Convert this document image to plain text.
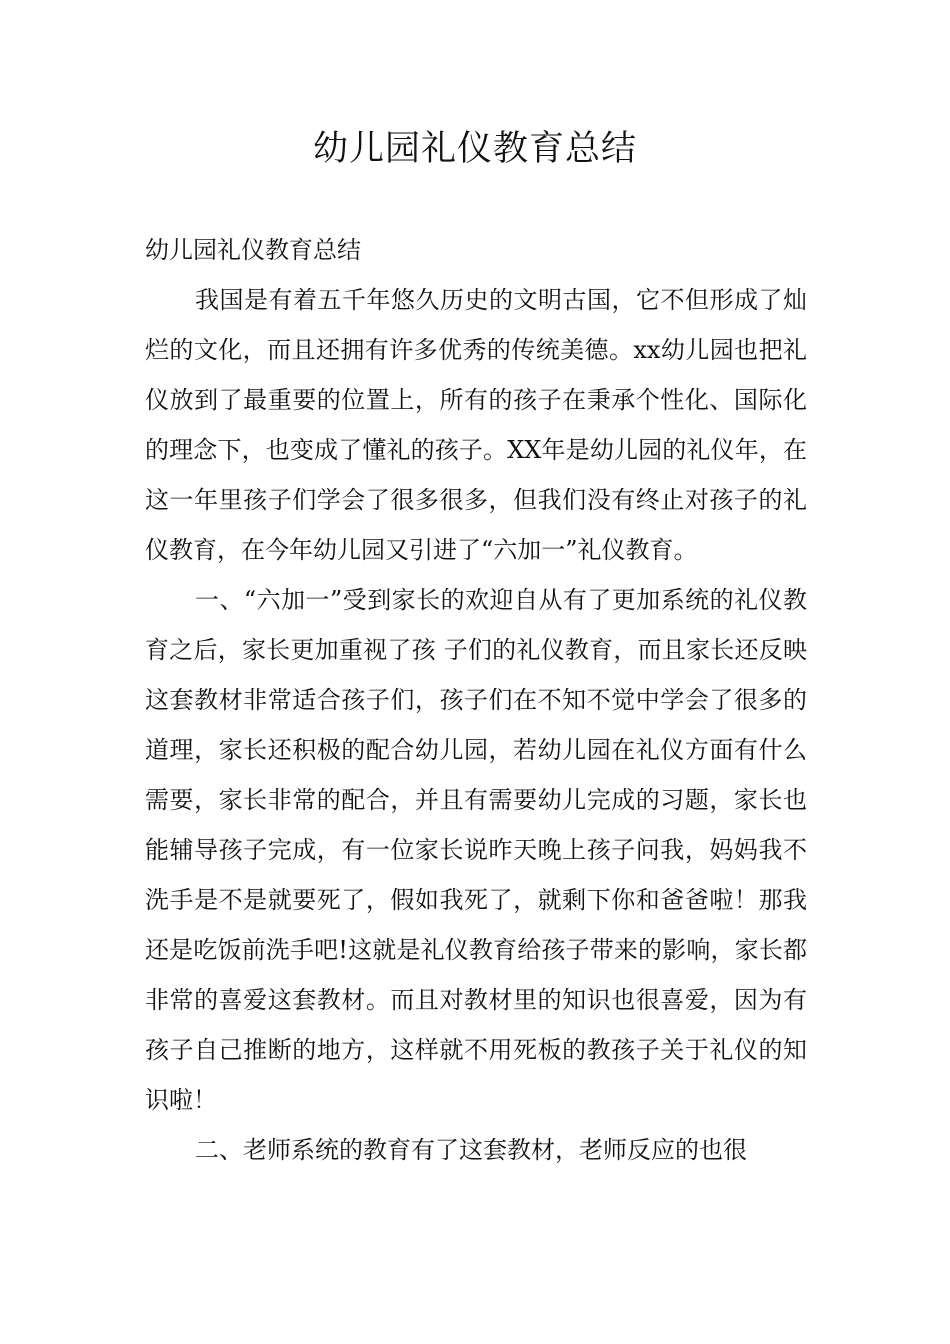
幼儿园礼仪教育总结

幼儿园礼仪教育总结

我国是有着五千年悠久历史的文明古国，它不但形成了灿烂的文化，而且还拥有许多优秀的传统美德。xx幼儿园也把礼仪放到了最重要的位置上，所有的孩子在秉承个性化、国际化的理念下，也变成了懂礼的孩子。XX年是幼儿园的礼仪年，在这一年里孩子们学会了很多很多，但我们没有终止对孩子的礼仪教育，在今年幼儿园又引进了“六加一”礼仪教育。

一、“六加一”受到家长的欢迎自从有了更加系统的礼仪教育之后，家长更加重视了孩 子们的礼仪教育，而且家长还反映这套教材非常适合孩子们，孩子们在不知不觉中学会了很多的道理，家长还积极的配合幼儿园，若幼儿园在礼仪方面有什么需要，家长非常的配合，并且有需要幼儿完成的习题，家长也能辅导孩子完成，有一位家长说昨天晚上孩子问我，妈妈我不洗手是不是就要死了，假如我死了，就剩下你和爸爸啦！那我还是吃饭前洗手吧!这就是礼仪教育给孩子带来的影响，家长都非常的喜爱这套教材。而且对教材里的知识也很喜爱，因为有孩子自己推断的地方，这样就不用死板的教孩子关于礼仪的知识啦！

二、老师系统的教育有了这套教材，老师反应的也很
